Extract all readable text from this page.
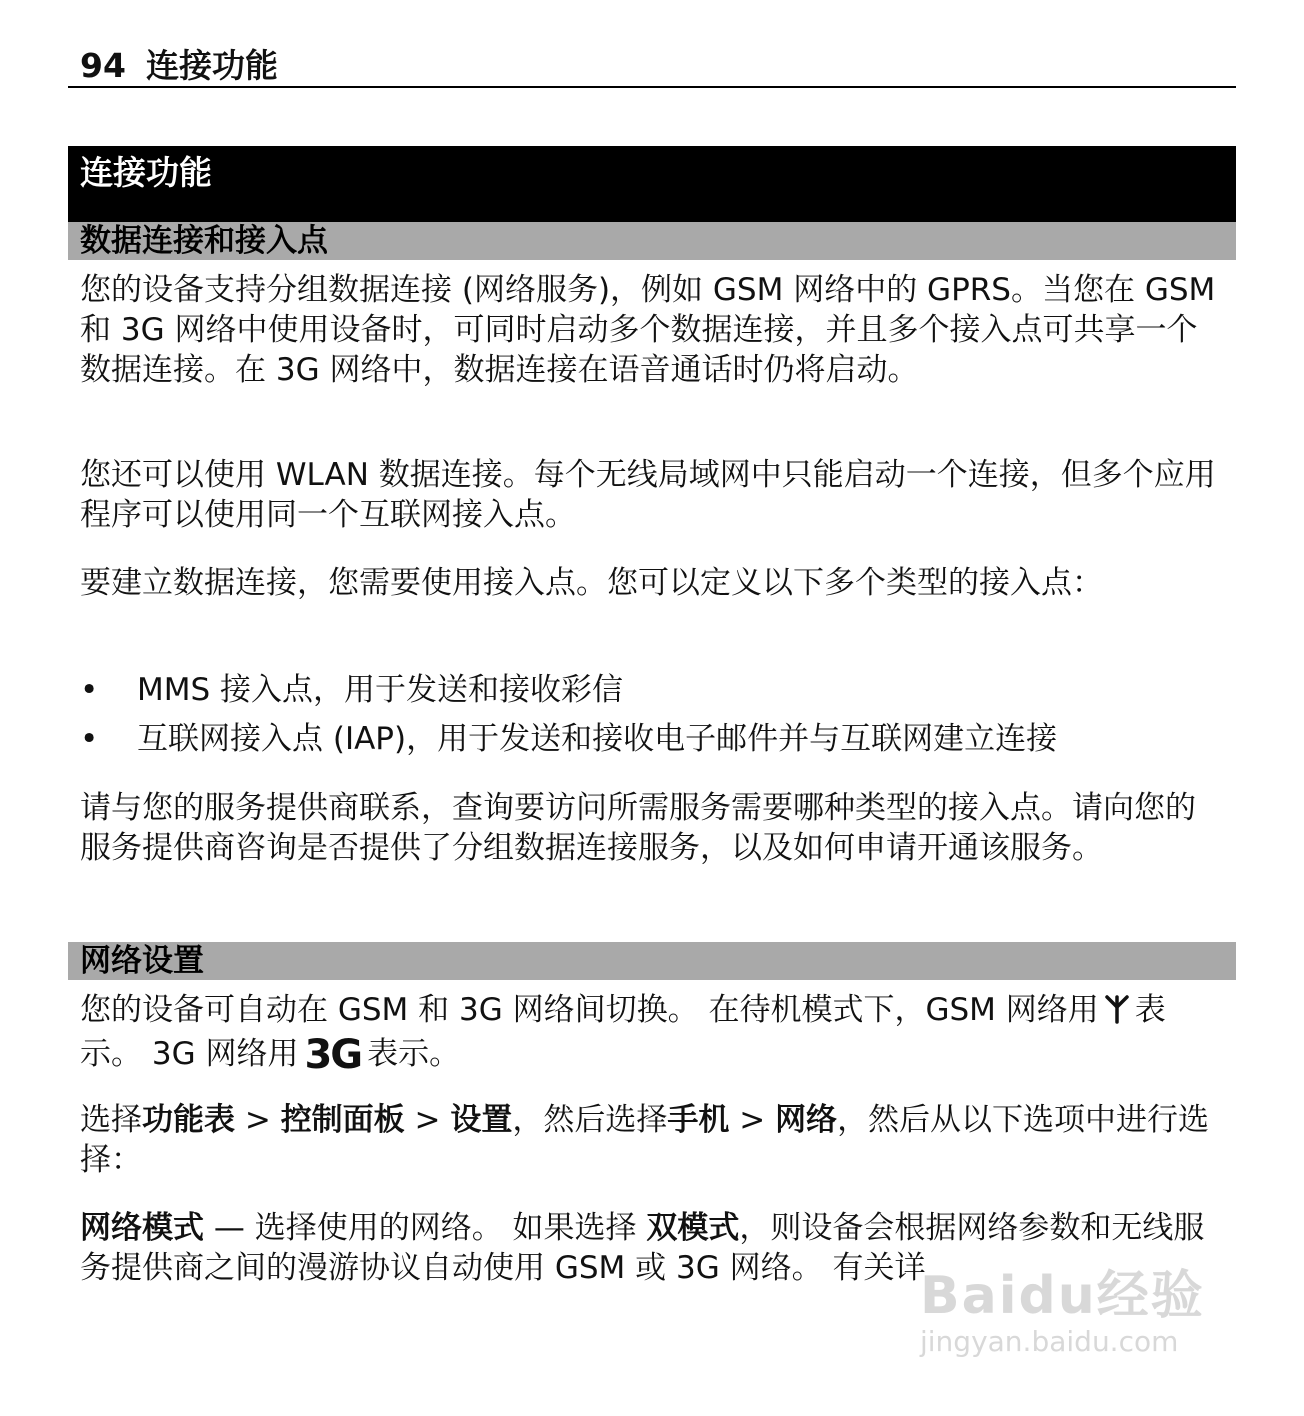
94 连接功能
连接功能
数据连接和接入点

您的设备支持分组数据连接 (网络服务)，例如 GSM 网络中的 GPRS。当您在 GSM 和 3G 网络中使用设备时，可同时启动多个数据连接，并且多个接入点可共享一个数据连接。在 3G 网络中，数据连接在语音通话时仍将启动。

您还可以使用 WLAN 数据连接。每个无线局域网中只能启动一个连接，但多个应用程序可以使用同一个互联网接入点。

要建立数据连接，您需要使用接入点。您可以定义以下多个类型的接入点：

• MMS 接入点，用于发送和接收彩信
• 互联网接入点 (IAP)，用于发送和接收电子邮件并与互联网建立连接

请与您的服务提供商联系，查询要访问所需服务需要哪种类型的接入点。请向您的服务提供商咨询是否提供了分组数据连接服务，以及如何申请开通该服务。

网络设置

您的设备可自动在 GSM 和 3G 网络间切换。 在待机模式下，GSM 网络用 表示。 3G 网络用 3G 表示。

选择功能表 > 控制面板 > 设置，然后选择手机 > 网络，然后从以下选项中进行选择：

网络模式 — 选择使用的网络。 如果选择 双模式，则设备会根据网络参数和无线服务提供商之间的漫游协议自动使用 GSM 或 3G 网络。 有关详

Baidu经验
jingyan.baidu.com
